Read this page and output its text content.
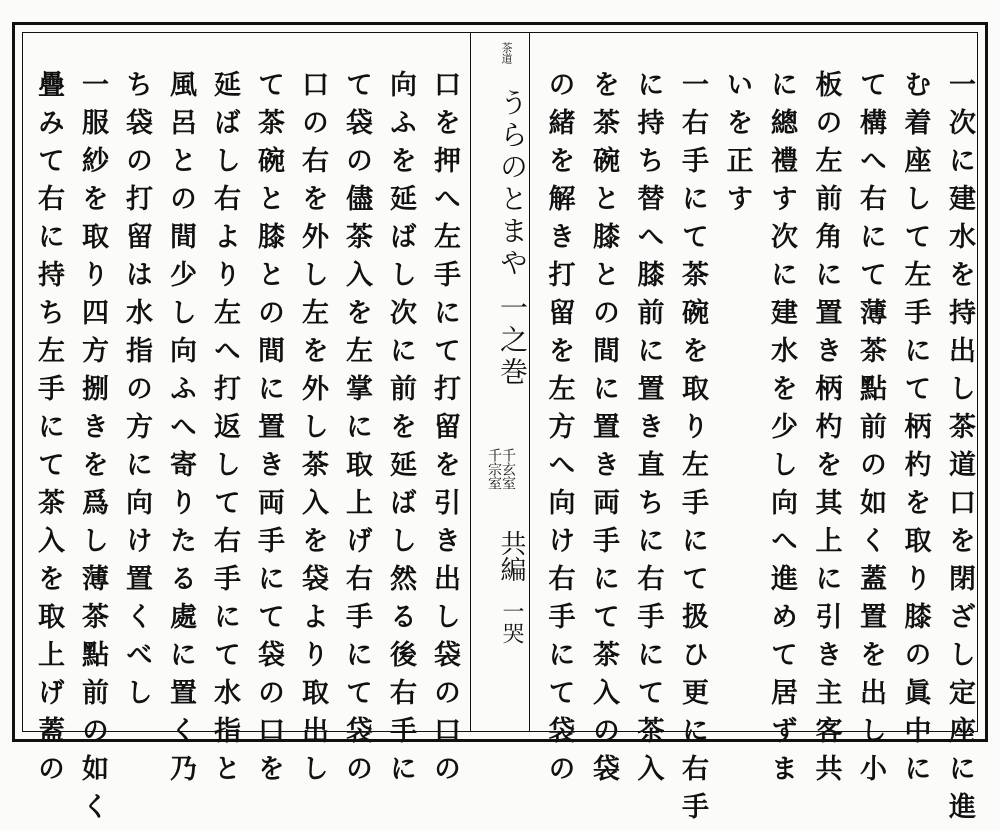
茶道
うらのとまや 一之巻
千玄室 千宗室
共編
一哭	一次に建水を持出し茶道口を閉ざし定座に進
む着座して左手にて柄杓を取り膝の眞中に
て構へ右にて薄茶點前の如く蓋置を出し小
板の左前角に置き柄杓を其上に引き主客共
に總禮す次に建水を少し向へ進めて居ずま
いを正す
一右手にて茶碗を取り左手にて扱ひ更に右手
に持ち替へ膝前に置き直ちに右手にて茶入
を茶碗と膝との間に置き両手にて茶入の袋
の緒を解き打留を左方へ向け右手にて袋の
口を押へ左手にて打留を引き出し袋の口の
向ふを延ばし次に前を延ばし然る後右手に
て袋の儘茶入を左掌に取上げ右手にて袋の
口の右を外し左を外し茶入を袋より取出し
て茶碗と膝との間に置き両手にて袋の口を
延ばし右より左へ打返して右手にて水指と
風呂との間少し向ふへ寄りたる處に置く乃
ち袋の打留は水指の方に向け置くべし
一服紗を取り四方捌きを爲し薄茶點前の如く
疊みて右に持ち左手にて茶入を取上げ蓋の
